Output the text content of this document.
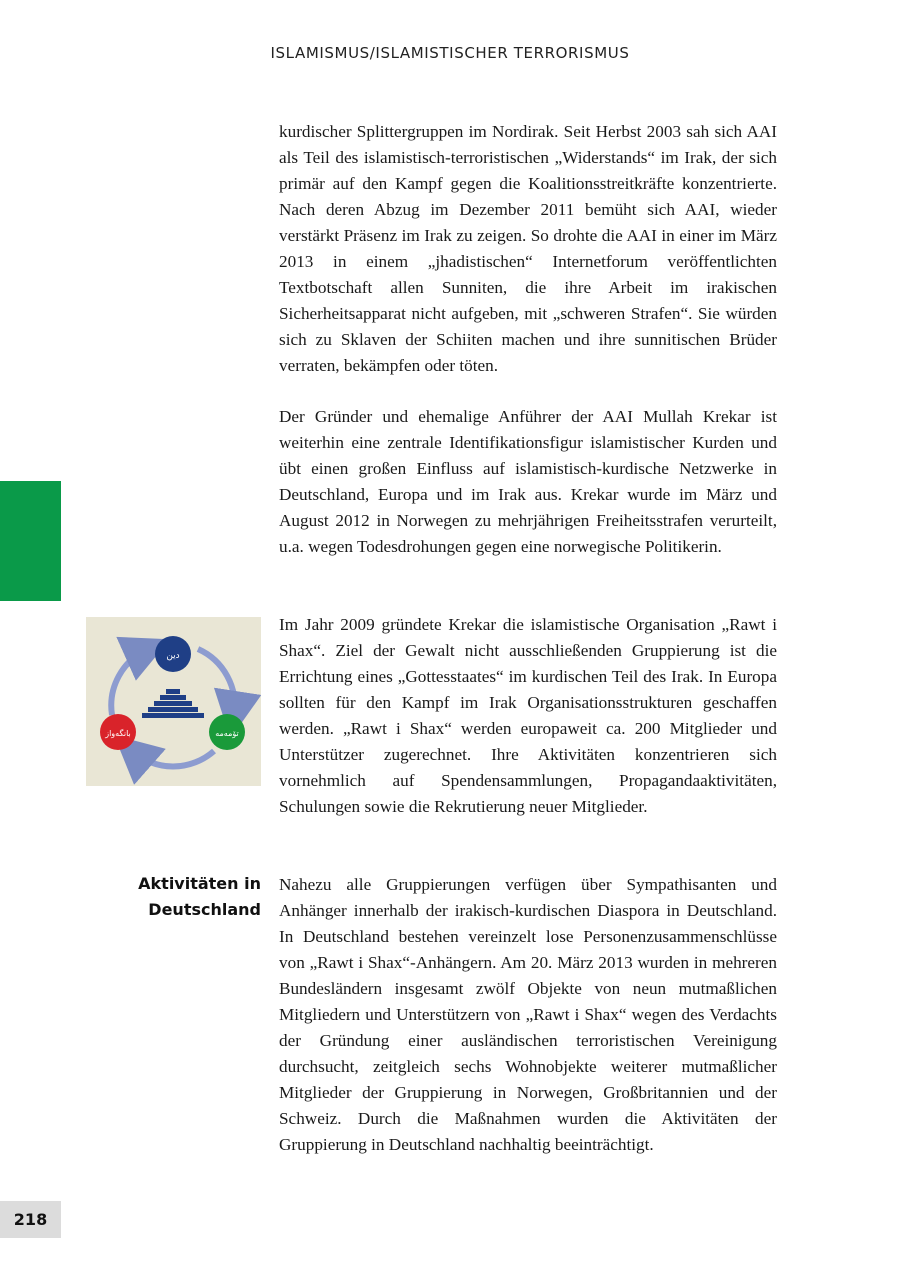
ISLAMISMUS/ISLAMISTISCHER TERRORISMUS

kurdischer Splittergruppen im Nordirak. Seit Herbst 2003 sah sich AAI als Teil des islamistisch-terroristischen „Widerstands“ im Irak, der sich primär auf den Kampf gegen die Koalitionsstreitkräfte konzentrierte. Nach deren Abzug im Dezember 2011 bemüht sich AAI, wieder verstärkt Präsenz im Irak zu zeigen. So drohte die AAI in einer im März 2013 in einem „jhadistischen“ Internetforum veröffentlichten Textbotschaft allen Sunniten, die ihre Arbeit im irakischen Sicherheitsapparat nicht aufgeben, mit „schweren Strafen“. Sie würden sich zu Sklaven der Schiiten machen und ihre sunnitischen Brüder verraten, bekämpfen oder töten.

Der Gründer und ehemalige Anführer der AAI Mullah Krekar ist weiterhin eine zentrale Identifikationsfigur islamistischer Kurden und übt einen großen Einfluss auf islamistisch-kurdische Netzwerke in Deutschland, Europa und im Irak aus. Krekar wurde im März und August 2012 in Norwegen zu mehrjährigen Freiheitsstrafen verurteilt, u.a. wegen Todesdrohungen gegen eine norwegische Politikerin.

دین
بانگەواز	تۆمەمە

Im Jahr 2009 gründete Krekar die islamistische Organisation „Rawt i Shax“. Ziel der Gewalt nicht ausschließenden Gruppierung ist die Errichtung eines „Gottesstaates“ im kurdischen Teil des Irak. In Europa sollten für den Kampf im Irak Organisationsstrukturen geschaffen werden. „Rawt i Shax“ werden europaweit ca. 200 Mitglieder und Unterstützer zugerechnet. Ihre Aktivitäten konzentrieren sich vornehmlich auf Spendensammlungen, Propagandaaktivitäten, Schulungen sowie die Rekrutierung neuer Mitglieder.

Aktivitäten in
Deutschland

Nahezu alle Gruppierungen verfügen über Sympathisanten und Anhänger innerhalb der irakisch-kurdischen Diaspora in Deutschland. In Deutschland bestehen vereinzelt lose Personenzusammenschlüsse von „Rawt i Shax“-Anhängern. Am 20. März 2013 wurden in mehreren Bundesländern insgesamt zwölf Objekte von neun mutmaßlichen Mitgliedern und Unterstützern von „Rawt i Shax“ wegen des Verdachts der Gründung einer ausländischen terroristischen Vereinigung durchsucht, zeitgleich sechs Wohnobjekte weiterer mutmaßlicher Mitglieder der Gruppierung in Norwegen, Großbritannien und der Schweiz. Durch die Maßnahmen wurden die Aktivitäten der Gruppierung in Deutschland nachhaltig beeinträchtigt.

218
